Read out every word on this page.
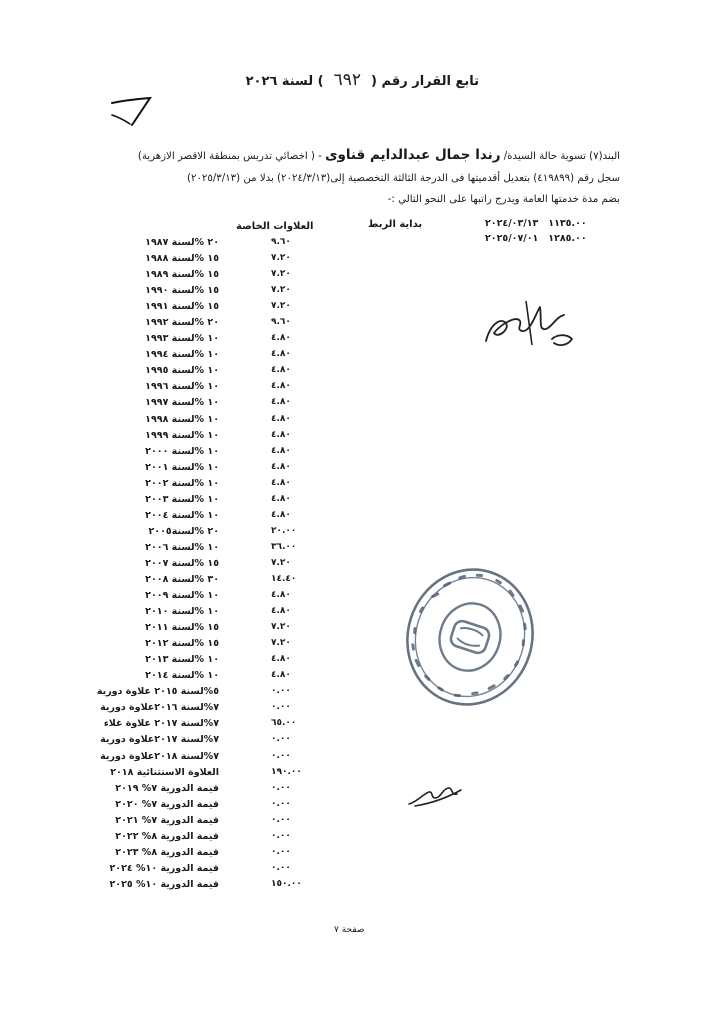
تابع القرار رقم (٦٩٢) لسنة ٢٠٢٦
البند(٧) تسوية حالة السيدة/ رندا جمال عبدالدايم قناوى - ( اخصائي تدريس بمنطقة الاقصر الازهرية)
سجل رقم (٤١٩٨٩٩) بتعديل أقدميتها فى الدرجة الثالثة التخصصية إلى(٢٠٢٤/٣/١٣) بدلا من (٢٠٢٥/٣/١٣)
بضم مدة خدمتها العامة ويدرج راتبها على النحو التالي :-
١١٣٥.٠٠   ٢٠٢٤/٠٣/١٣
١٢٨٥.٠٠   ٢٠٢٥/٠٧/٠١
بداية الربط
العلاوات الخاصة
٩.٦٠
٢٠ %لسنة ١٩٨٧
٧.٢٠
١٥ %لسنة ١٩٨٨
٧.٢٠
١٥ %لسنة ١٩٨٩
٧.٢٠
١٥ %لسنة ١٩٩٠
٧.٢٠
١٥ %لسنة ١٩٩١
٩.٦٠
٢٠ %لسنة ١٩٩٢
٤.٨٠
١٠ %لسنة ١٩٩٣
٤.٨٠
١٠ %لسنة ١٩٩٤
٤.٨٠
١٠ %لسنة ١٩٩٥
٤.٨٠
١٠ %لسنة ١٩٩٦
٤.٨٠
١٠ %لسنة ١٩٩٧
٤.٨٠
١٠ %لسنة ١٩٩٨
٤.٨٠
١٠ %لسنة ١٩٩٩
٤.٨٠
١٠ %لسنة ٢٠٠٠
٤.٨٠
١٠ %لسنة ٢٠٠١
٤.٨٠
١٠ %لسنة ٢٠٠٢
٤.٨٠
١٠ %لسنة ٢٠٠٣
٤.٨٠
١٠ %لسنة ٢٠٠٤
٢٠.٠٠
٢٠ %لسنة٢٠٠٥
٣٦.٠٠
١٠ %لسنة ٢٠٠٦
٧.٢٠
١٥ %لسنة ٢٠٠٧
١٤.٤٠
٣٠ %لسنة ٢٠٠٨
٤.٨٠
١٠ %لسنة ٢٠٠٩
٤.٨٠
١٠ %لسنة ٢٠١٠
٧.٢٠
١٥ %لسنة ٢٠١١
٧.٢٠
١٥ %لسنة ٢٠١٢
٤.٨٠
١٠ %لسنة ٢٠١٣
٤.٨٠
١٠ %لسنة ٢٠١٤
٠.٠٠
٥%لسنة ٢٠١٥ علاوة دورية
٠.٠٠
٧%لسنة ٢٠١٦علاوة دورية
٦٥.٠٠
٧%لسنة ٢٠١٧ علاوة غلاء
٠.٠٠
٧%لسنة ٢٠١٧علاوة دورية
٠.٠٠
٧%لسنة ٢٠١٨علاوة دورية
١٩٠.٠٠
العلاوة الاستثنائية ٢٠١٨
٠.٠٠
قيمة الدورية ٧% ٢٠١٩
٠.٠٠
قيمة الدورية ٧% ٢٠٢٠
٠.٠٠
قيمة الدورية ٧% ٢٠٢١
٠.٠٠
قيمة الدورية ٨% ٢٠٢٢
٠.٠٠
قيمة الدورية ٨% ٢٠٢٣
٠.٠٠
قيمة الدورية ١٠% ٢٠٢٤
١٥٠.٠٠
قيمة الدورية ١٠% ٢٠٢٥
صفحة ٧
